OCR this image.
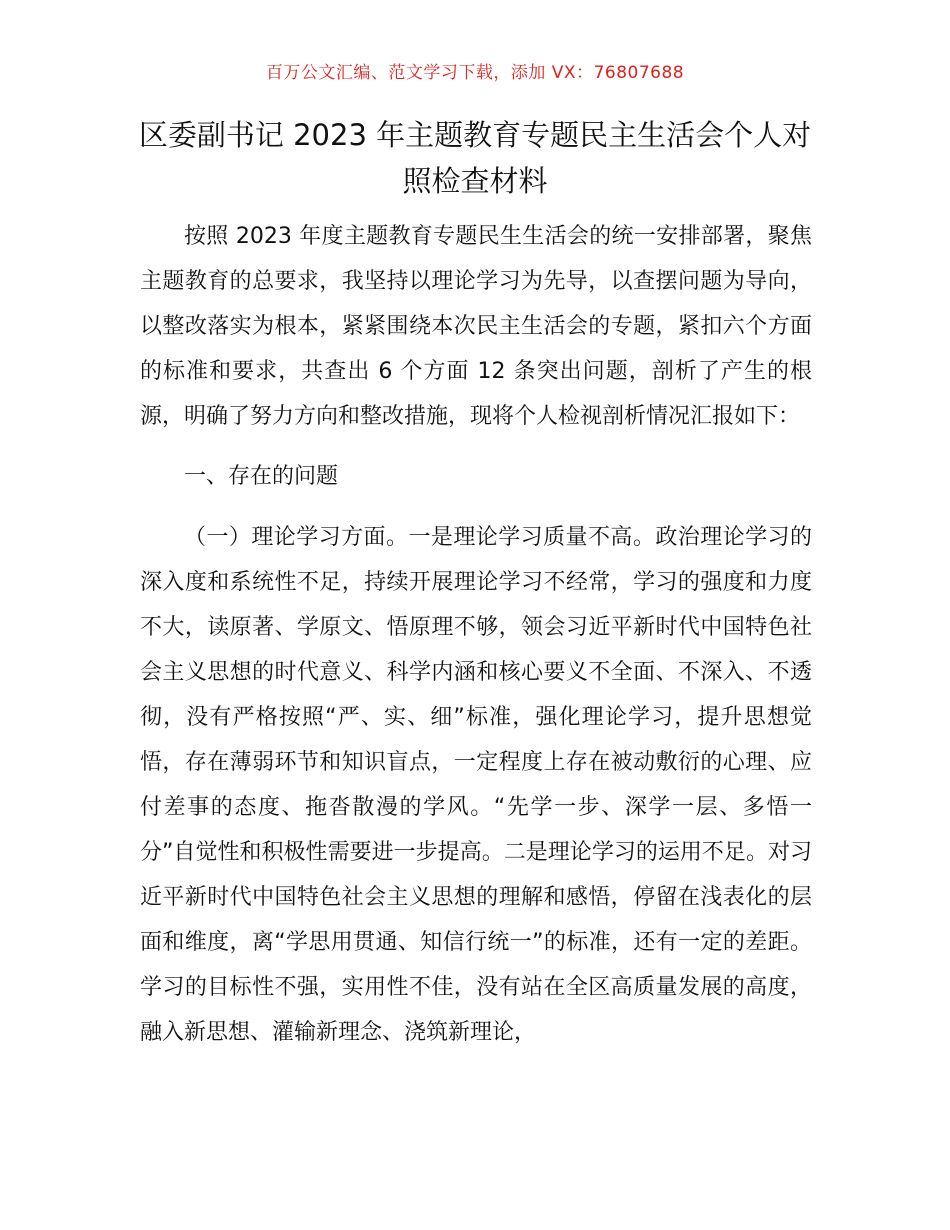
百万公文汇编、范文学习下载，添加 VX：76807688
区委副书记 2023 年主题教育专题民主生活会个人对照检查材料

按照 2023 年度主题教育专题民生生活会的统一安排部署，聚焦主题教育的总要求，我坚持以理论学习为先导，以查摆问题为导向，以整改落实为根本，紧紧围绕本次民主生活会的专题，紧扣六个方面的标准和要求，共查出 6 个方面 12 条突出问题，剖析了产生的根源，明确了努力方向和整改措施，现将个人检视剖析情况汇报如下：

一、存在的问题

（一）理论学习方面。一是理论学习质量不高。政治理论学习的深入度和系统性不足，持续开展理论学习不经常，学习的强度和力度不大，读原著、学原文、悟原理不够，领会习近平新时代中国特色社会主义思想的时代意义、科学内涵和核心要义不全面、不深入、不透彻，没有严格按照“严、实、细”标准，强化理论学习，提升思想觉悟，存在薄弱环节和知识盲点，一定程度上存在被动敷衍的心理、应付差事的态度、拖沓散漫的学风。“先学一步、深学一层、多悟一分”自觉性和积极性需要进一步提高。二是理论学习的运用不足。对习近平新时代中国特色社会主义思想的理解和感悟，停留在浅表化的层面和维度，离“学思用贯通、知信行统一”的标准，还有一定的差距。学习的目标性不强，实用性不佳，没有站在全区高质量发展的高度，融入新思想、灌输新理念、浇筑新理论，
